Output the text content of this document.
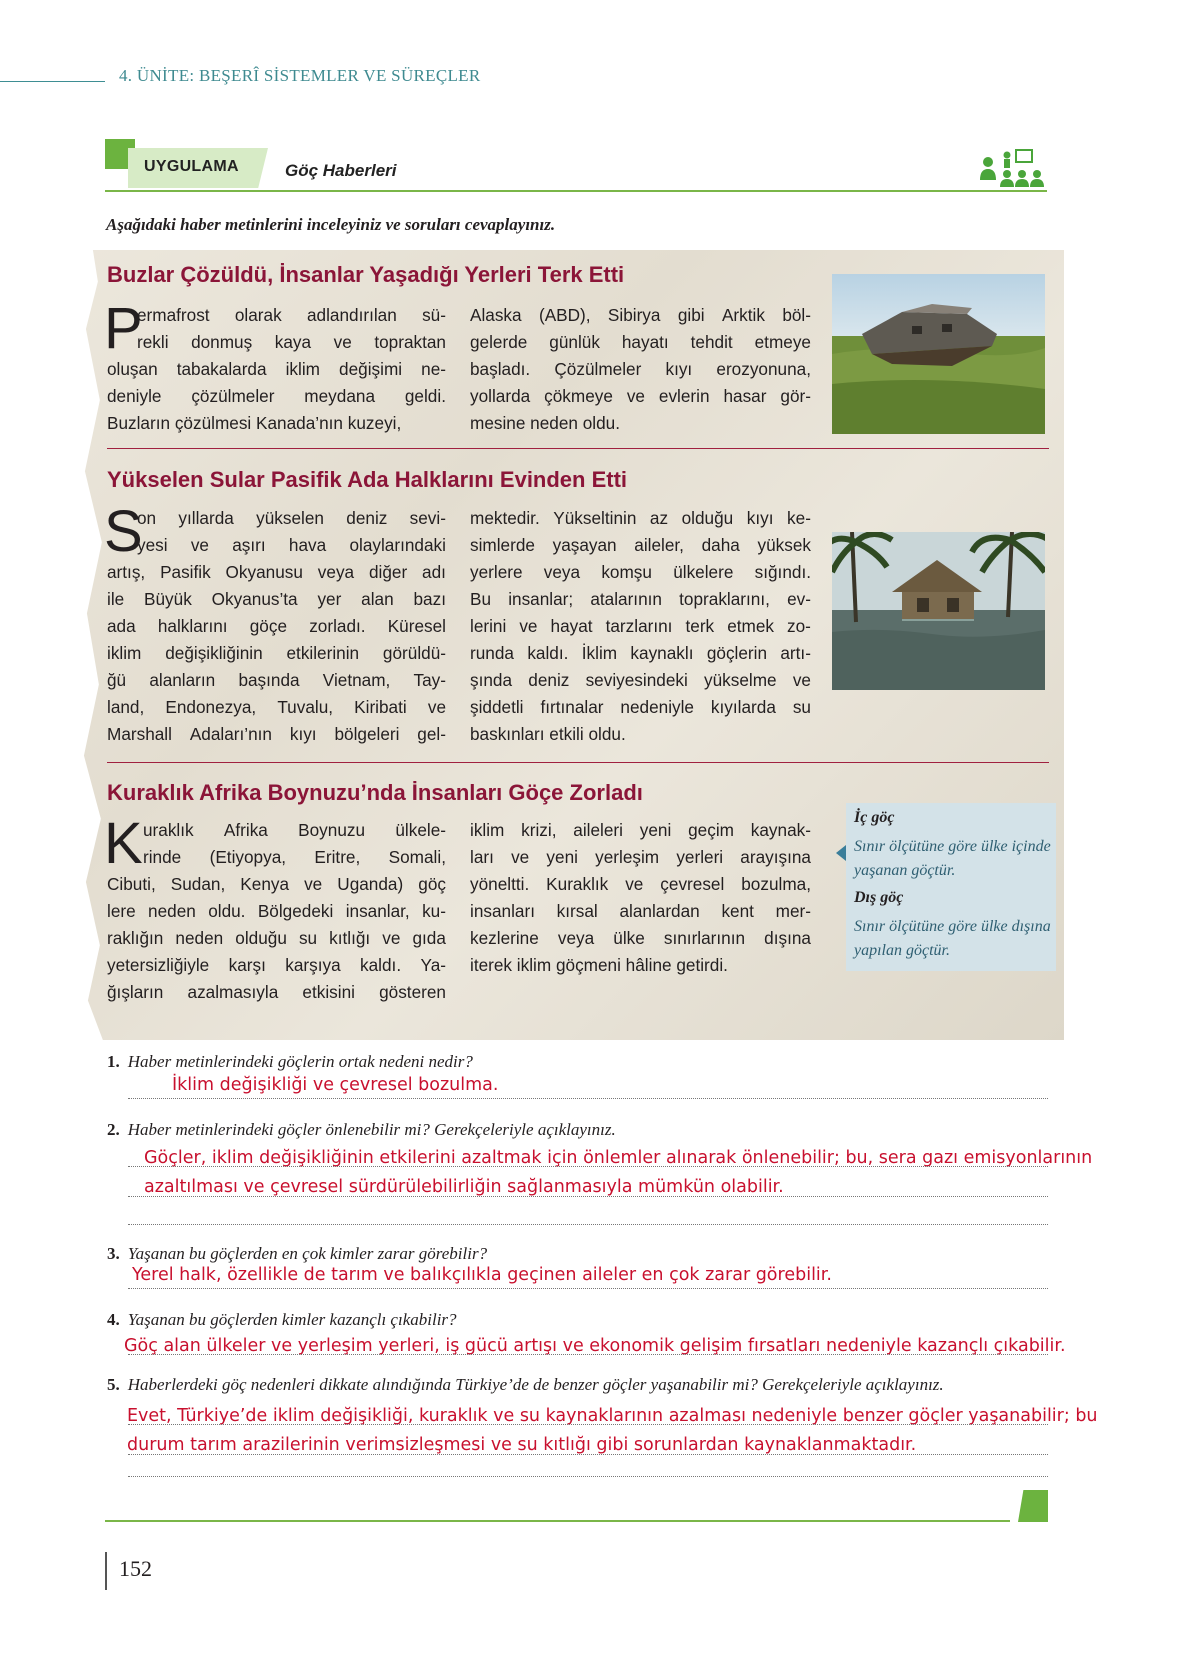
4. ÜNİTE: BEŞERÎ SİSTEMLER VE SÜREÇLER
UYGULAMA	Göç Haberleri
Aşağıdaki haber metinlerini inceleyiniz ve soruları cevaplayınız.
Buzlar Çözüldü, İnsanlar Yaşadığı Yerleri Terk Etti
P
ermafrost olarak adlandırılan sü-
rekli donmuş kaya ve topraktan
oluşan tabakalarda iklim değişimi ne-
deniyle çözülmeler meydana geldi.
Buzların çözülmesi Kanada’nın kuzeyi,
Alaska (ABD), Sibirya gibi Arktik böl-
gelerde günlük hayatı tehdit etmeye
başladı. Çözülmeler kıyı erozyonuna,
yollarda çökmeye ve evlerin hasar gör-
mesine neden oldu.
Yükselen Sular Pasifik Ada Halklarını Evinden Etti
S
on yıllarda yükselen deniz sevi-
yesi ve aşırı hava olaylarındaki
artış, Pasifik Okyanusu veya diğer adı
ile Büyük Okyanus’ta yer alan bazı
ada halklarını göçe zorladı. Küresel
iklim değişikliğinin etkilerinin görüldü-
ğü alanların başında Vietnam, Tay-
land, Endonezya, Tuvalu, Kiribati ve
Marshall Adaları’nın kıyı bölgeleri gel-
mektedir. Yükseltinin az olduğu kıyı ke-
simlerde yaşayan aileler, daha yüksek
yerlere veya komşu ülkelere sığındı.
Bu insanlar; atalarının topraklarını, ev-
lerini ve hayat tarzlarını terk etmek zo-
runda kaldı. İklim kaynaklı göçlerin artı-
şında deniz seviyesindeki yükselme ve
şiddetli fırtınalar nedeniyle kıyılarda su
baskınları etkili oldu.
Kuraklık Afrika Boynuzu’nda İnsanları Göçe Zorladı
K uraklık Afrika Boynuzu ülkele-
rinde (Etiyopya, Eritre, Somali,
Cibuti, Sudan, Kenya ve Uganda) göç
lere neden oldu. Bölgedeki insanlar, ku-
raklığın neden olduğu su kıtlığı ve gıda
yetersizliğiyle karşı karşıya kaldı. Ya-
ğışların azalmasıyla etkisini gösteren
iklim krizi, aileleri yeni geçim kaynak-
ları ve yeni yerleşim yerleri arayışına
yöneltti. Kuraklık ve çevresel bozulma,
insanları kırsal alanlardan kent mer-
kezlerine veya ülke sınırlarının dışına
iterek iklim göçmeni hâline getirdi.
İç göç
Sınır ölçütüne göre ülke içinde yaşanan göçtür.
Dış göç
Sınır ölçütüne göre ülke dışına yapılan göçtür.
1. Haber metinlerindeki göçlerin ortak nedeni nedir?
İklim değişikliği ve çevresel bozulma.
2. Haber metinlerindeki göçler önlenebilir mi? Gerekçeleriyle açıklayınız.
Göçler, iklim değişikliğinin etkilerini azaltmak için önlemler alınarak önlenebilir; bu, sera gazı emisyonlarının
azaltılması ve çevresel sürdürülebilirliğin sağlanmasıyla mümkün olabilir.
3. Yaşanan bu göçlerden en çok kimler zarar görebilir?
Yerel halk, özellikle de tarım ve balıkçılıkla geçinen aileler en çok zarar görebilir.
4. Yaşanan bu göçlerden kimler kazançlı çıkabilir?
Göç alan ülkeler ve yerleşim yerleri, iş gücü artışı ve ekonomik gelişim fırsatları nedeniyle kazançlı çıkabilir.
5. Haberlerdeki göç nedenleri dikkate alındığında Türkiye’de de benzer göçler yaşanabilir mi? Gerekçeleriyle açıklayınız.
Evet, Türkiye’de iklim değişikliği, kuraklık ve su kaynaklarının azalması nedeniyle benzer göçler yaşanabilir; bu
durum tarım arazilerinin verimsizleşmesi ve su kıtlığı gibi sorunlardan kaynaklanmaktadır.
152
